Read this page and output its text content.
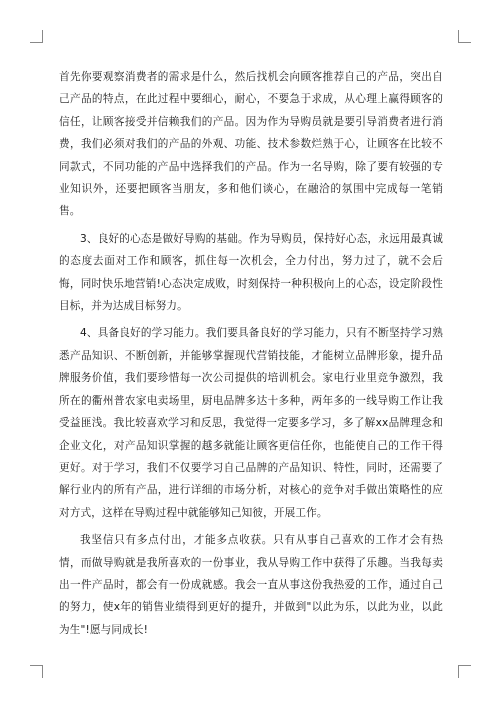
首先你要观察消费者的需求是什么，然后找机会向顾客推荐自己的产品，突出自己产品的特点，在此过程中要细心，耐心，不要急于求成，从心理上赢得顾客的信任，让顾客接受并信赖我们的产品。因为作为导购员就是要引导消费者进行消费，我们必须对我们的产品的外观、功能、技术参数烂熟于心，让顾客在比较不同款式，不同功能的产品中选择我们的产品。作为一名导购，除了要有较强的专业知识外，还要把顾客当朋友，多和他们谈心，在融洽的氛围中完成每一笔销售。

3、良好的心态是做好导购的基础。作为导购员，保持好心态，永远用最真诚的态度去面对工作和顾客，抓住每一次机会，全力付出，努力过了，就不会后悔，同时快乐地营销!心态决定成败，时刻保持一种积极向上的心态，设定阶段性目标，并为达成目标努力。

4、具备良好的学习能力。我们要具备良好的学习能力，只有不断坚持学习熟悉产品知识、不断创新，并能够掌握现代营销技能，才能树立品牌形象，提升品牌服务价值，我们要珍惜每一次公司提供的培训机会。家电行业里竞争激烈，我所在的衢州普农家电卖场里，厨电品牌多达十多种，两年多的一线导购工作让我受益匪浅。我比较喜欢学习和反思，我觉得一定要多学习，多了解xx品牌理念和企业文化，对产品知识掌握的越多就能让顾客更信任你，也能使自己的工作干得更好。对于学习，我们不仅要学习自己品牌的产品知识、特性，同时，还需要了解行业内的所有产品，进行详细的市场分析，对核心的竞争对手做出策略性的应对方式，这样在导购过程中就能够知己知彼，开展工作。

我坚信只有多点付出，才能多点收获。只有从事自己喜欢的工作才会有热情，而做导购就是我所喜欢的一份事业，我从导购工作中获得了乐趣。当我每卖出一件产品时，都会有一份成就感。我会一直从事这份我热爱的工作，通过自己的努力，使x年的销售业绩得到更好的提升，并做到"以此为乐，以此为业，以此为生"!愿与同成长!
